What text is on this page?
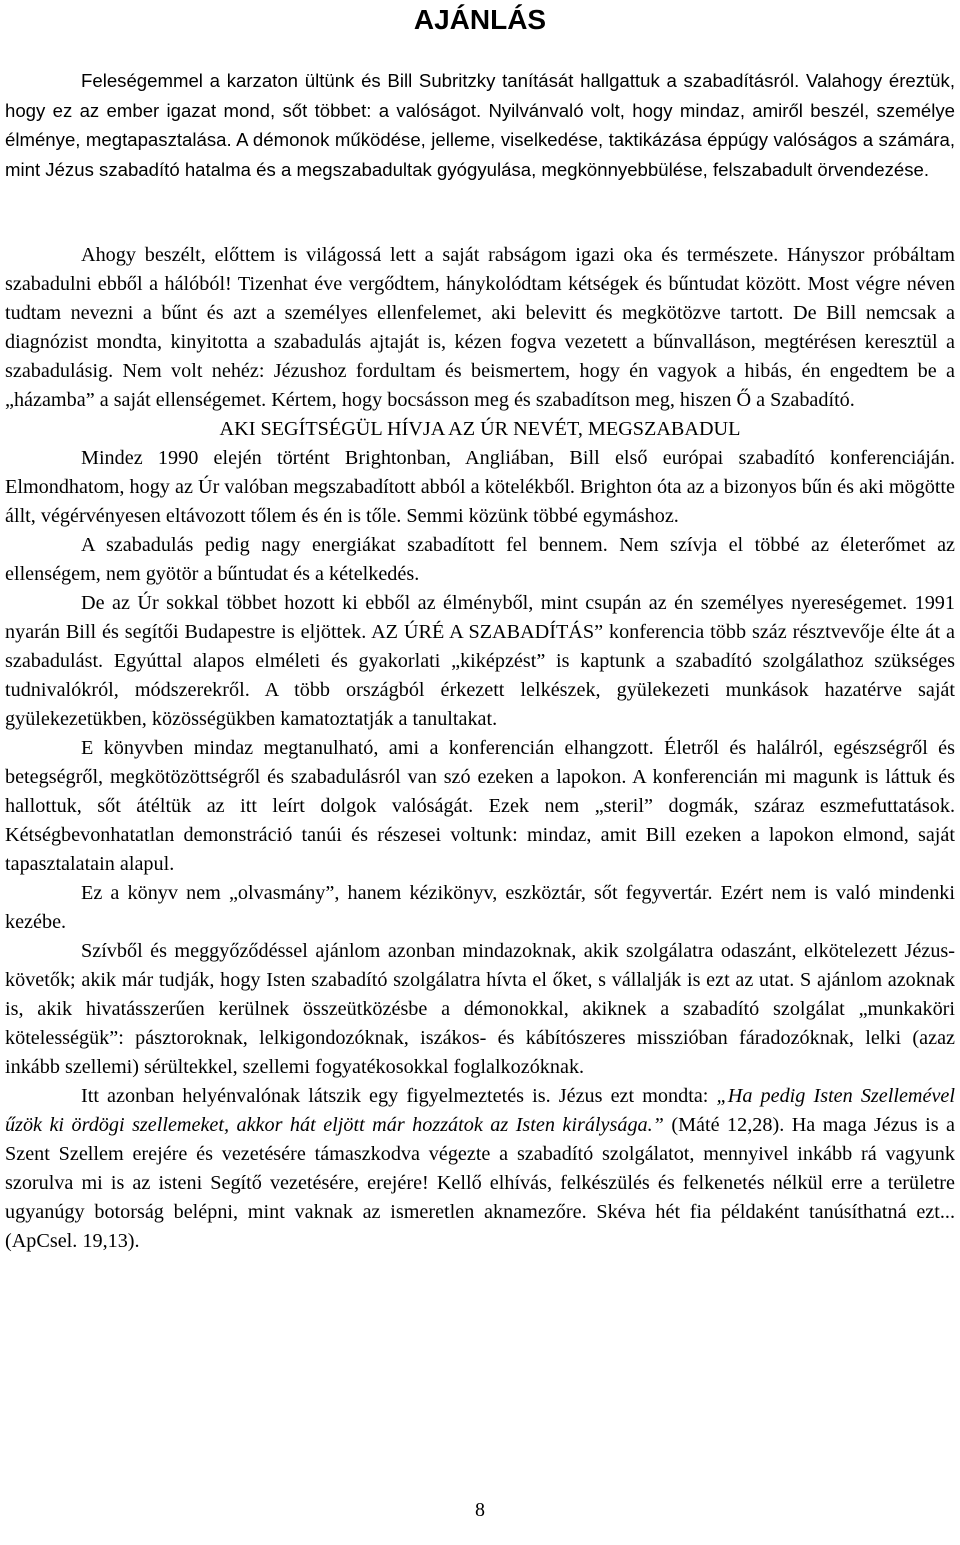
AJÁNLÁS

Feleségemmel a karzaton ültünk és Bill Subritzky tanítását hallgattuk a szabadításról. Valahogy éreztük, hogy ez az ember igazat mond, sőt többet: a valóságot. Nyilvánvaló volt, hogy mindaz, amiről beszél, személye élménye, megtapasztalása. A démonok működése, jelleme, viselkedése, taktikázása éppúgy valóságos a számára, mint Jézus szabadító hatalma és a megszabadultak gyógyulása, megkönnyebbülése, felszabadult örvendezése.

Ahogy beszélt, előttem is világossá lett a saját rabságom igazi oka és természete. Hányszor próbáltam szabadulni ebből a hálóból! Tizenhat éve vergődtem, hánykolódtam kétségek és bűntudat között. Most végre néven tudtam nevezni a bűnt és azt a személyes ellenfelemet, aki belevitt és megkötözve tartott. De Bill nemcsak a diagnózist mondta, kinyitotta a szabadulás ajtaját is, kézen fogva vezetett a bűnvalláson, megtérésen keresztül a szabadulásig. Nem volt nehéz: Jézushoz fordultam és beismertem, hogy én vagyok a hibás, én engedtem be a „házamba” a saját ellenségemet. Kértem, hogy bocsásson meg és szabadítson meg, hiszen Ő a Szabadító.

AKI SEGÍTSÉGÜL HÍVJA AZ ÚR NEVÉT, MEGSZABADUL

Mindez 1990 elején történt Brightonban, Angliában, Bill első európai szabadító konferenciáján. Elmondhatom, hogy az Úr valóban megszabadított abból a kötelékből. Brighton óta az a bizonyos bűn és aki mögötte állt, végérvényesen eltávozott tőlem és én is tőle. Semmi közünk többé egymáshoz.

A szabadulás pedig nagy energiákat szabadított fel bennem. Nem szívja el többé az életerőmet az ellenségem, nem gyötör a bűntudat és a kételkedés.

De az Úr sokkal többet hozott ki ebből az élményből, mint csupán az én személyes nyereségemet. 1991 nyarán Bill és segítői Budapestre is eljöttek. AZ ÚRÉ A SZABADÍTÁS” konferencia több száz résztvevője élte át a szabadulást. Egyúttal alapos elméleti és gyakorlati „kiképzést” is kaptunk a szabadító szolgálathoz szükséges tudnivalókról, módszerekről. A több országból érkezett lelkészek, gyülekezeti munkások hazatérve saját gyülekezetükben, közösségükben kamatoztatják a tanultakat.

E könyvben mindaz megtanulható, ami a konferencián elhangzott. Életről és halálról, egészségről és betegségről, megkötözöttségről és szabadulásról van szó ezeken a lapokon. A konferencián mi magunk is láttuk és hallottuk, sőt átéltük az itt leírt dolgok valóságát. Ezek nem „steril” dogmák, száraz eszmefuttatások. Kétségbevonhatatlan demonstráció tanúi és részesei voltunk: mindaz, amit Bill ezeken a lapokon elmond, saját tapasztalatain alapul.

Ez a könyv nem „olvasmány”, hanem kézikönyv, eszköztár, sőt fegyvertár. Ezért nem is való mindenki kezébe.

Szívből és meggyőződéssel ajánlom azonban mindazoknak, akik szolgálatra odaszánt, elkötelezett Jézus-követők; akik már tudják, hogy Isten szabadító szolgálatra hívta el őket, s vállalják is ezt az utat. S ajánlom azoknak is, akik hivatásszerűen kerülnek összeütközésbe a démonokkal, akiknek a szabadító szolgálat „munkaköri kötelességük”: pásztoroknak, lelkigondozóknak, iszákos- és kábítószeres misszióban fáradozóknak, lelki (azaz inkább szellemi) sérültekkel, szellemi fogyatékosokkal foglalkozóknak.

Itt azonban helyénvalónak látszik egy figyelmeztetés is. Jézus ezt mondta: „Ha pedig Isten Szellemével űzök ki ördögi szellemeket, akkor hát eljött már hozzátok az Isten királysága.” (Máté 12,28). Ha maga Jézus is a Szent Szellem erejére és vezetésére támaszkodva végezte a szabadító szolgálatot, mennyivel inkább rá vagyunk szorulva mi is az isteni Segítő vezetésére, erejére! Kellő elhívás, felkészülés és felkenetés nélkül erre a területre ugyanúgy botorság belépni, mint vaknak az ismeretlen aknamezőre. Skéva hét fia példaként tanúsíthatná ezt... (ApCsel. 19,13).

8
